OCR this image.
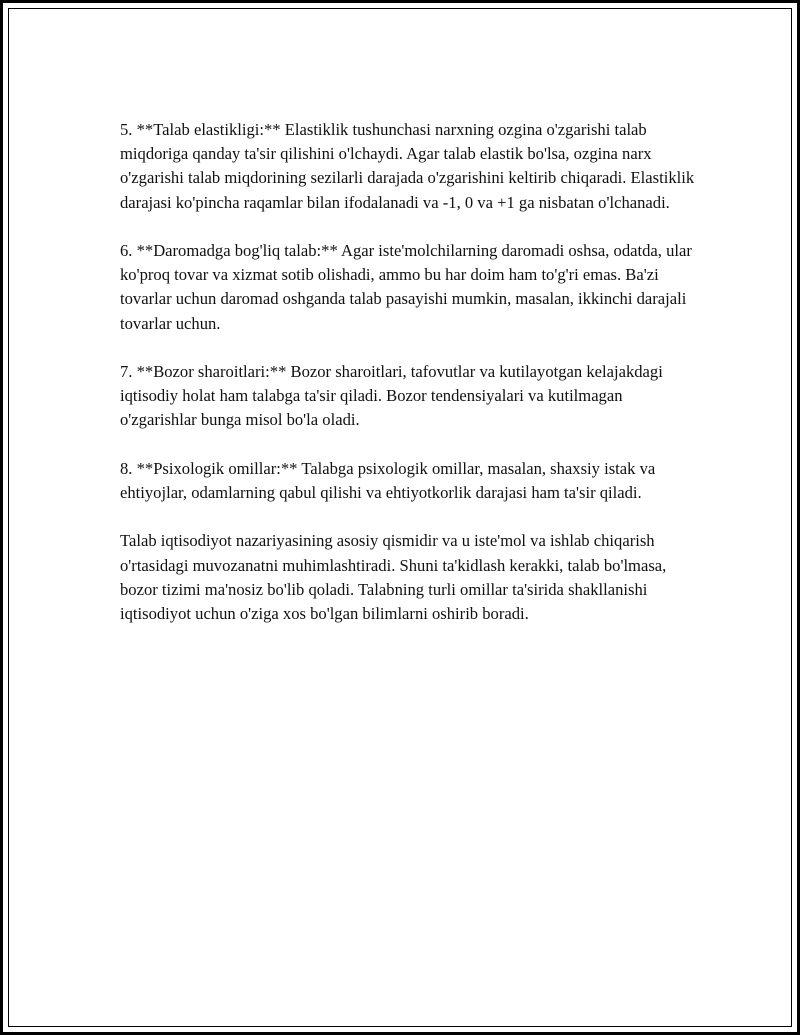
5. **Talab elastikligi:** Elastiklik tushunchasi narxning ozgina o'zgarishi talab miqdoriga qanday ta'sir qilishini o'lchaydi. Agar talab elastik bo'lsa, ozgina narx o'zgarishi talab miqdorining sezilarli darajada o'zgarishini keltirib chiqaradi. Elastiklik darajasi ko'pincha raqamlar bilan ifodalanadi va -1, 0 va +1 ga nisbatan o'lchanadi.

6. **Daromadga bog'liq talab:** Agar iste'molchilarning daromadi oshsa, odatda, ular ko'proq tovar va xizmat sotib olishadi, ammo bu har doim ham to'g'ri emas. Ba'zi tovarlar uchun daromad oshganda talab pasayishi mumkin, masalan, ikkinchi darajali tovarlar uchun.

7. **Bozor sharoitlari:** Bozor sharoitlari, tafovutlar va kutilayotgan kelajakdagi iqtisodiy holat ham talabga ta'sir qiladi. Bozor tendensiyalari va kutilmagan o'zgarishlar bunga misol bo'la oladi.

8. **Psixologik omillar:** Talabga psixologik omillar, masalan, shaxsiy istak va ehtiyojlar, odamlarning qabul qilishi va ehtiyotkorlik darajasi ham ta'sir qiladi.

Talab iqtisodiyot nazariyasining asosiy qismidir va u iste'mol va ishlab chiqarish o'rtasidagi muvozanatni muhimlashtiradi. Shuni ta'kidlash kerakki, talab bo'lmasa, bozor tizimi ma'nosiz bo'lib qoladi. Talabning turli omillar ta'sirida shakllanishi iqtisodiyot uchun o'ziga xos bo'lgan bilimlarni oshirib boradi.
